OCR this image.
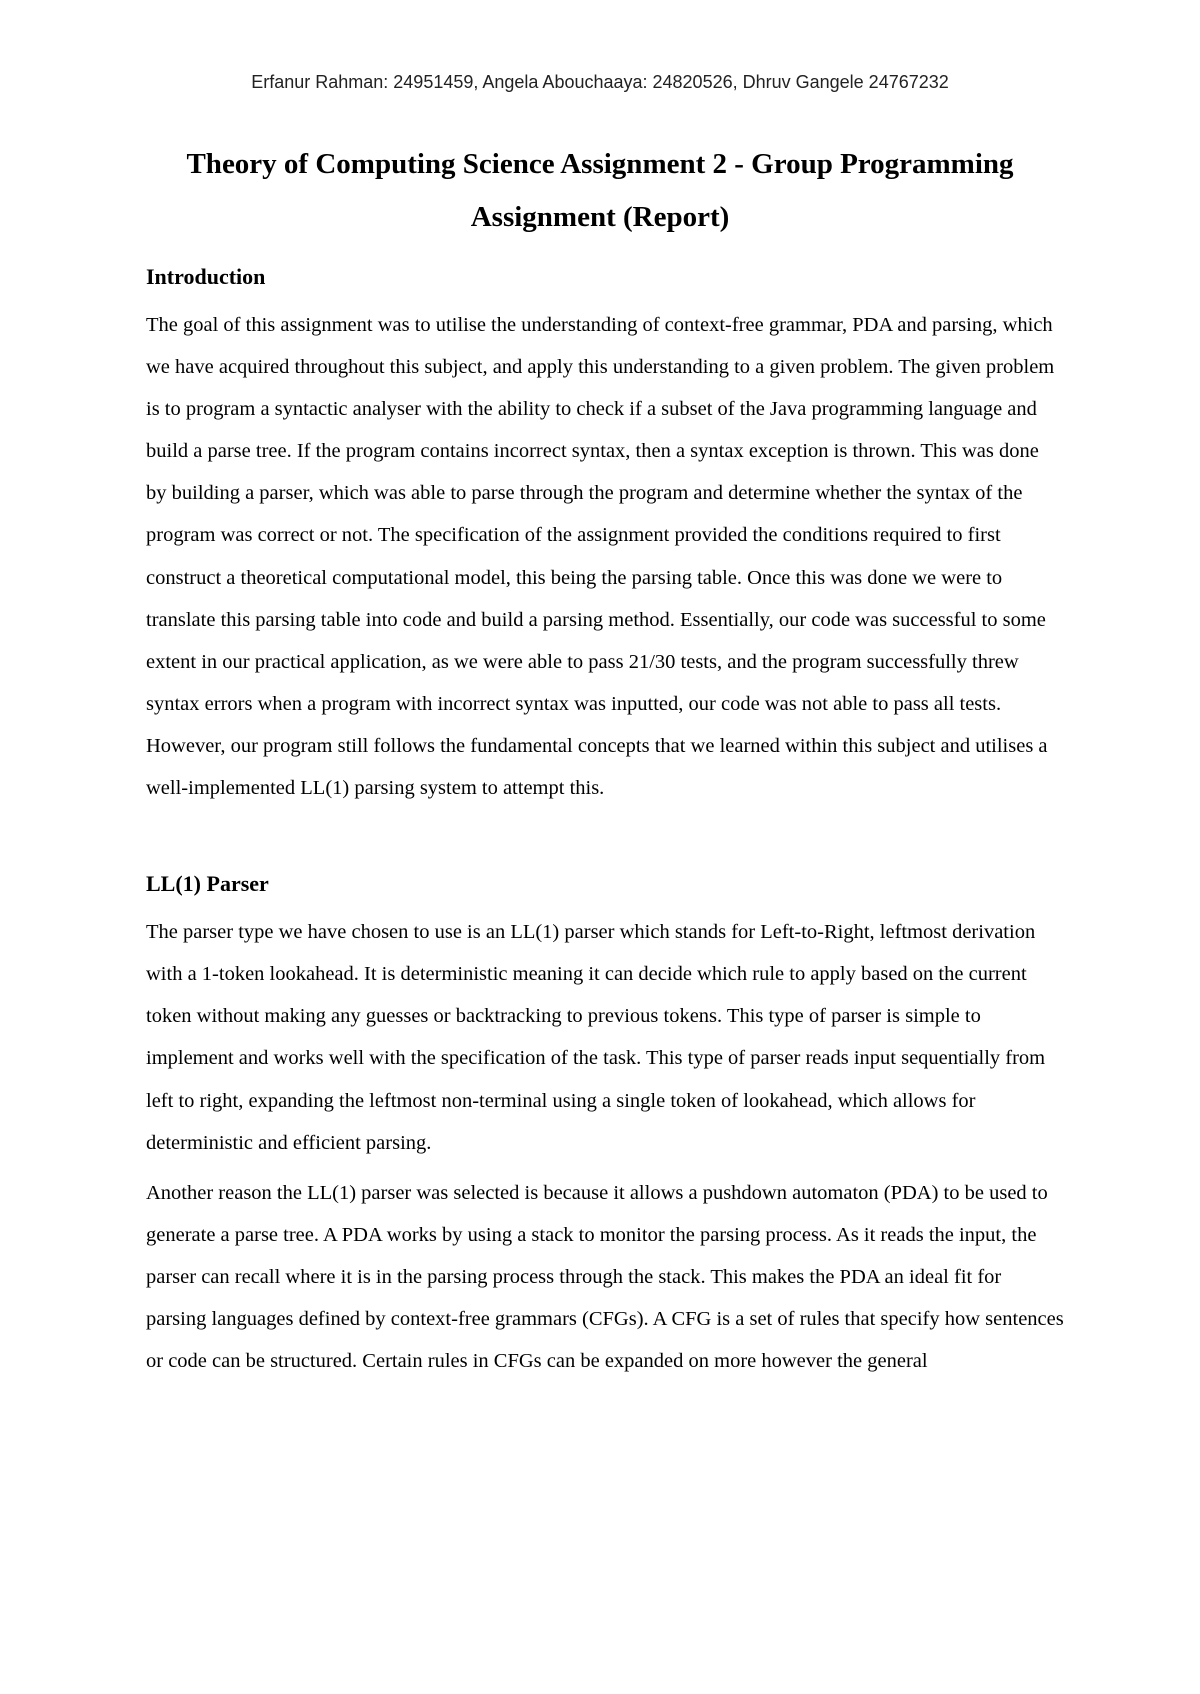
Erfanur Rahman: 24951459, Angela Abouchaaya: 24820526, Dhruv Gangele 24767232
Theory of Computing Science Assignment 2 - Group Programming Assignment (Report)
Introduction

The goal of this assignment was to utilise the understanding of context-free grammar, PDA and parsing, which we have acquired throughout this subject, and apply this understanding to a given problem. The given problem is to program a syntactic analyser with the ability to check if a subset of the Java programming language and build a parse tree. If the program contains incorrect syntax, then a syntax exception is thrown. This was done by building a parser, which was able to parse through the program and determine whether the syntax of the program was correct or not. The specification of the assignment provided the conditions required to first construct a theoretical computational model, this being the parsing table. Once this was done we were to translate this parsing table into code and build a parsing method. Essentially, our code was successful to some extent in our practical application, as we were able to pass 21/30 tests, and the program successfully threw syntax errors when a program with incorrect syntax was inputted, our code was not able to pass all tests. However, our program still follows the fundamental concepts that we learned within this subject and utilises a well-implemented LL(1) parsing system to attempt this.

LL(1) Parser

The parser type we have chosen to use is an LL(1) parser which stands for Left-to-Right, leftmost derivation with a 1-token lookahead. It is deterministic meaning it can decide which rule to apply based on the current token without making any guesses or backtracking to previous tokens. This type of parser is simple to implement and works well with the specification of the task. This type of parser reads input sequentially from left to right, expanding the leftmost non-terminal using a single token of lookahead, which allows for deterministic and efficient parsing.

Another reason the LL(1) parser was selected is because it allows a pushdown automaton (PDA) to be used to generate a parse tree. A PDA works by using a stack to monitor the parsing process. As it reads the input, the parser can recall where it is in the parsing process through the stack. This makes the PDA an ideal fit for parsing languages defined by context-free grammars (CFGs). A CFG is a set of rules that specify how sentences or code can be structured. Certain rules in CFGs can be expanded on more however the general
